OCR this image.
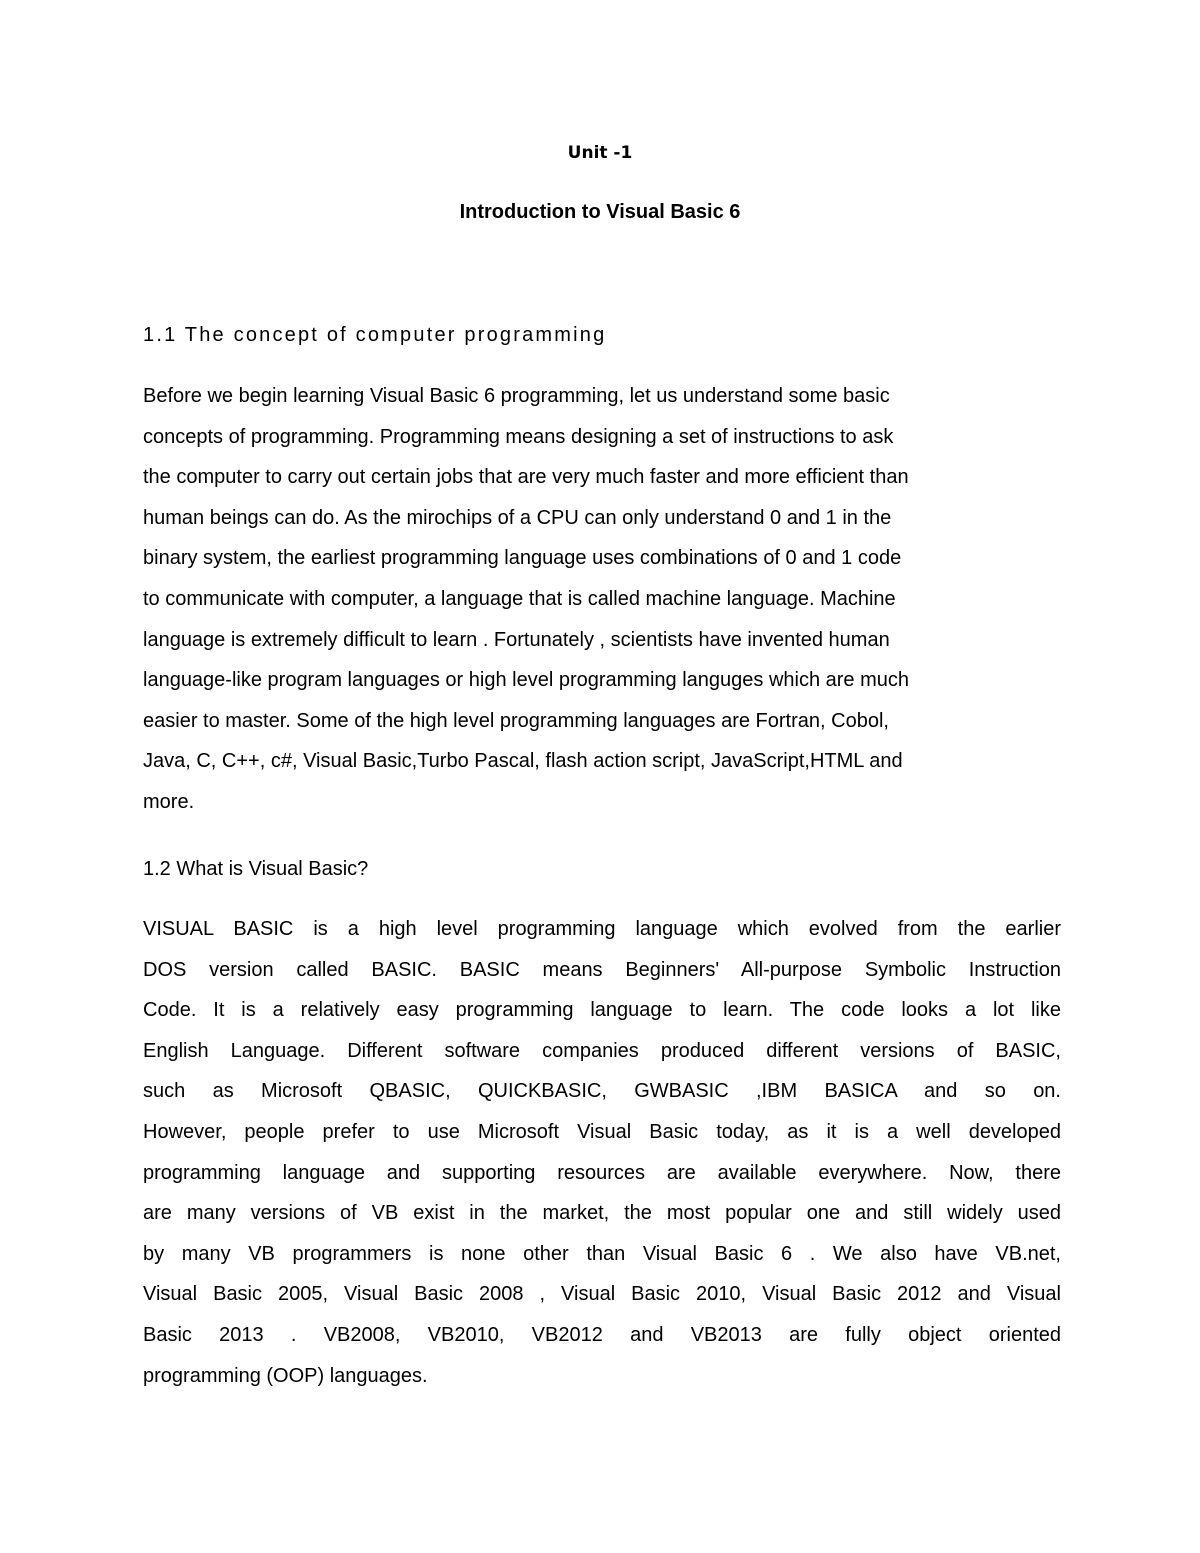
Unit -1
Introduction to Visual Basic 6
1.1 The concept of computer programming
Before we begin learning Visual Basic 6 programming, let us understand some basic
concepts of programming. Programming means designing a set of instructions to ask
the computer to carry out certain jobs that are very much faster and more efficient than
human beings can do. As the mirochips of a CPU can only understand 0 and 1 in the
binary system, the earliest programming language uses combinations of 0 and 1 code
to communicate with computer, a language that is called machine language. Machine
language is extremely difficult to learn . Fortunately , scientists have invented human
language-like program languages or high level programming languges which are much
easier to master. Some of the high level programming languages are Fortran, Cobol,
Java, C, C++, c#, Visual Basic,Turbo Pascal, flash action script, JavaScript,HTML and
more.
1.2 What is Visual Basic?
VISUAL BASIC is a high level programming language which evolved from the earlier
DOS version called BASIC. BASIC means Beginners' All-purpose Symbolic Instruction
Code. It is a relatively easy programming language to learn. The code looks a lot like
English Language. Different software companies produced different versions of BASIC,
such as Microsoft QBASIC, QUICKBASIC, GWBASIC ,IBM BASICA and so on.
However, people prefer to use Microsoft Visual Basic today, as it is a well developed
programming language and supporting resources are available everywhere. Now, there
are many versions of VB exist in the market, the most popular one and still widely used
by many VB programmers is none other than Visual Basic 6 . We also have VB.net,
Visual Basic 2005, Visual Basic 2008 , Visual Basic 2010, Visual Basic 2012 and Visual
Basic 2013 . VB2008, VB2010, VB2012 and VB2013 are fully object oriented
programming (OOP) languages.
